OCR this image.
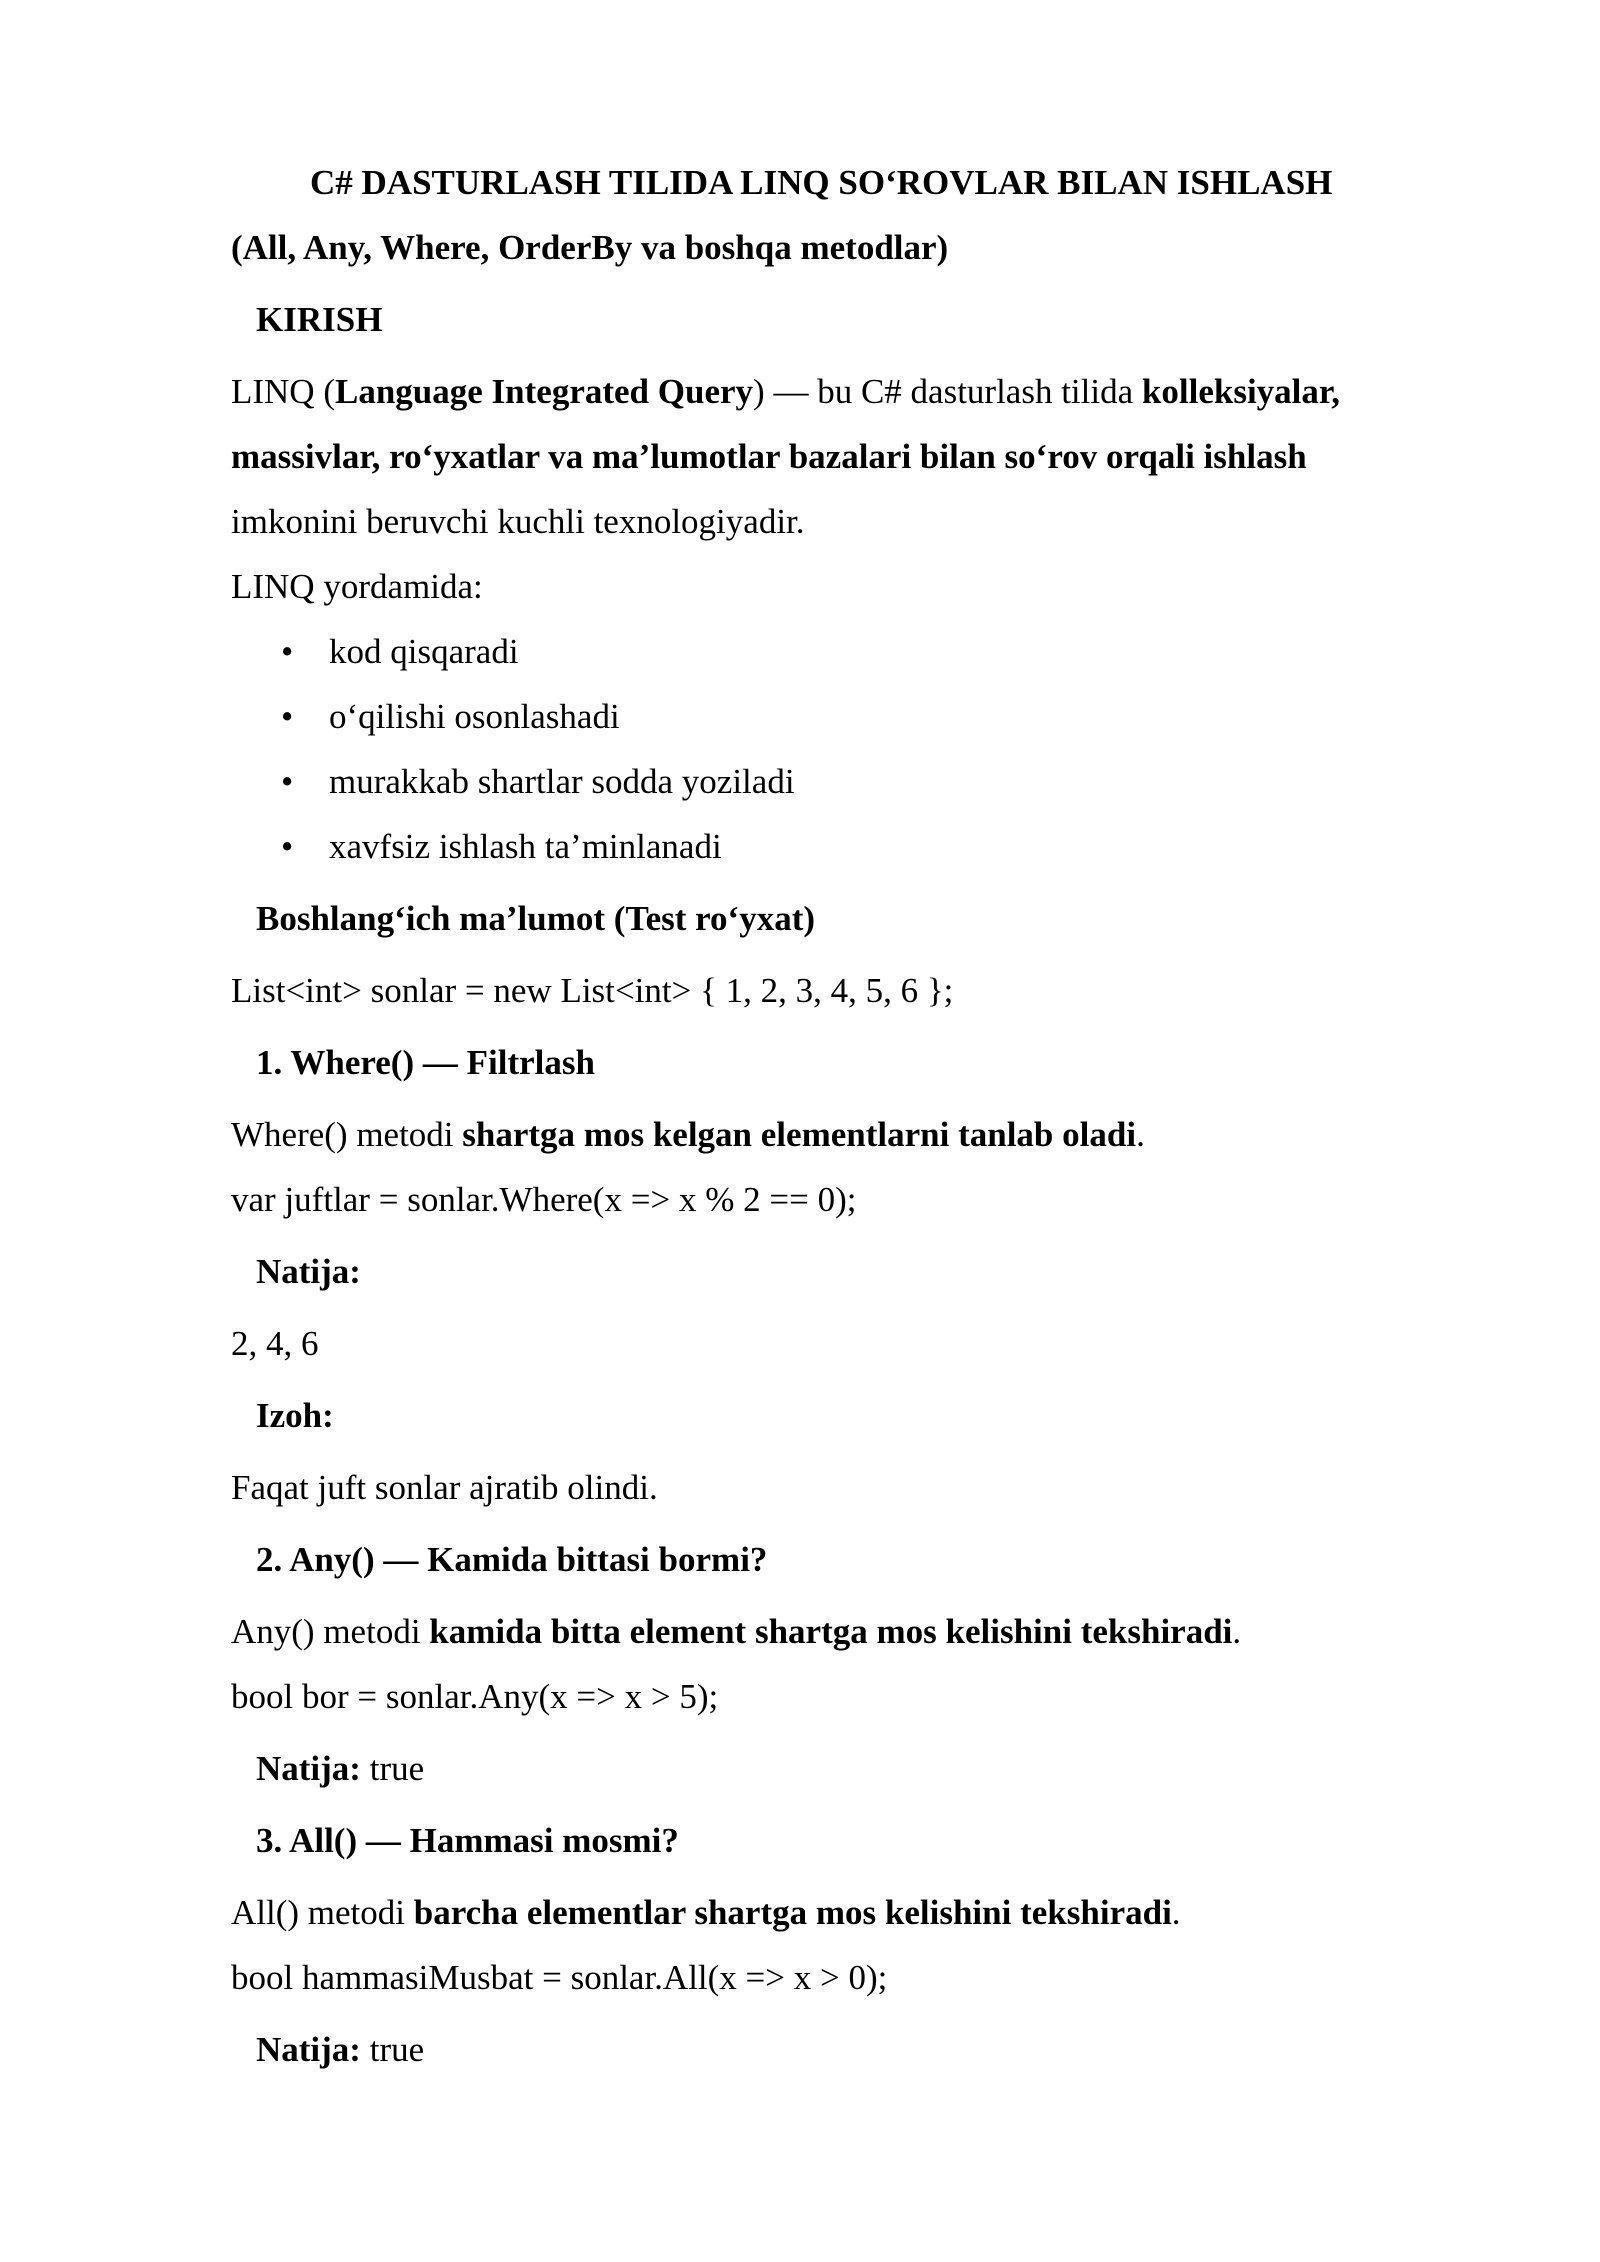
C# DASTURLASH TILIDA LINQ SO‘ROVLAR BILAN ISHLASH
(All, Any, Where, OrderBy va boshqa metodlar)
KIRISH
LINQ (Language Integrated Query) — bu C# dasturlash tilida kolleksiyalar,
massivlar, ro‘yxatlar va ma’lumotlar bazalari bilan so‘rov orqali ishlash
imkonini beruvchi kuchli texnologiyadir.
LINQ yordamida:
• kod qisqaradi
• o‘qilishi osonlashadi
• murakkab shartlar sodda yoziladi
• xavfsiz ishlash ta’minlanadi
Boshlang‘ich ma’lumot (Test ro‘yxat)
List<int> sonlar = new List<int> { 1, 2, 3, 4, 5, 6 };
1. Where() — Filtrlash
Where() metodi shartga mos kelgan elementlarni tanlab oladi.
var juftlar = sonlar.Where(x => x % 2 == 0);
Natija:
2, 4, 6
Izoh:
Faqat juft sonlar ajratib olindi.
2. Any() — Kamida bittasi bormi?
Any() metodi kamida bitta element shartga mos kelishini tekshiradi.
bool bor = sonlar.Any(x => x > 5);
Natija: true
3. All() — Hammasi mosmi?
All() metodi barcha elementlar shartga mos kelishini tekshiradi.
bool hammasiMusbat = sonlar.All(x => x > 0);
Natija: true
